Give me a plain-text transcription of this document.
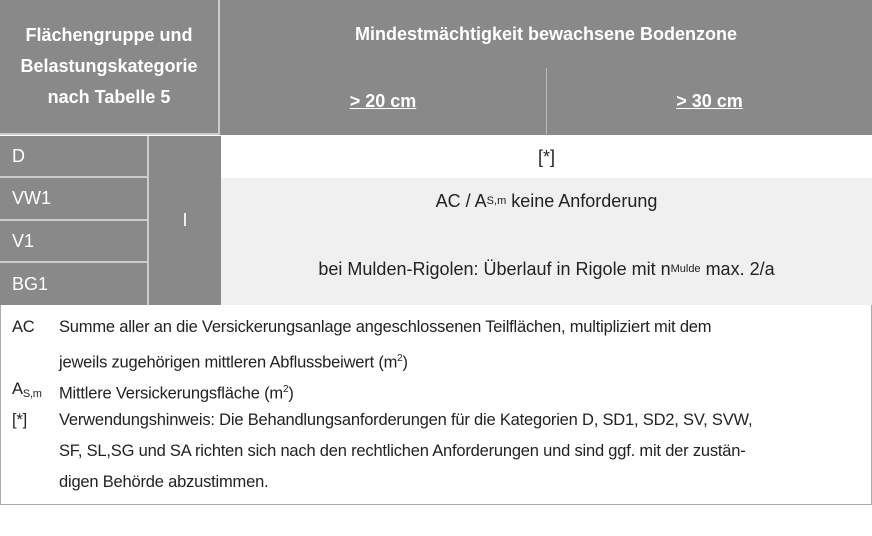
Flächengruppe und
Belastungskategorie
nach Tabelle 5
Mindestmächtigkeit bewachsene Bodenzone
> 20 cm	> 30 cm
D
VW1
V1
BG1
I
[*]
AC / A S,m keine Anforderung
bei Mulden-Rigolen: Überlauf in Rigole mit n Mulde max. 2/a
AC Summe aller an die Versickerungsanlage angeschlossenen Teilflächen, multipliziert mit dem
jeweils zugehörigen mittleren Abflussbeiwert $(m^2)$
$A_{S,m}$ Mittlere Versickerungsfläche $(m^2)$
[*] Verwendungshinweis: Die Behandlungsanforderungen für die Kategorien D, SD1, SD2, SV, SVW,
SF, SL,SG und SA richten sich nach den rechtlichen Anforderungen und sind ggf. mit der zustän-
digen Behörde abzustimmen.
